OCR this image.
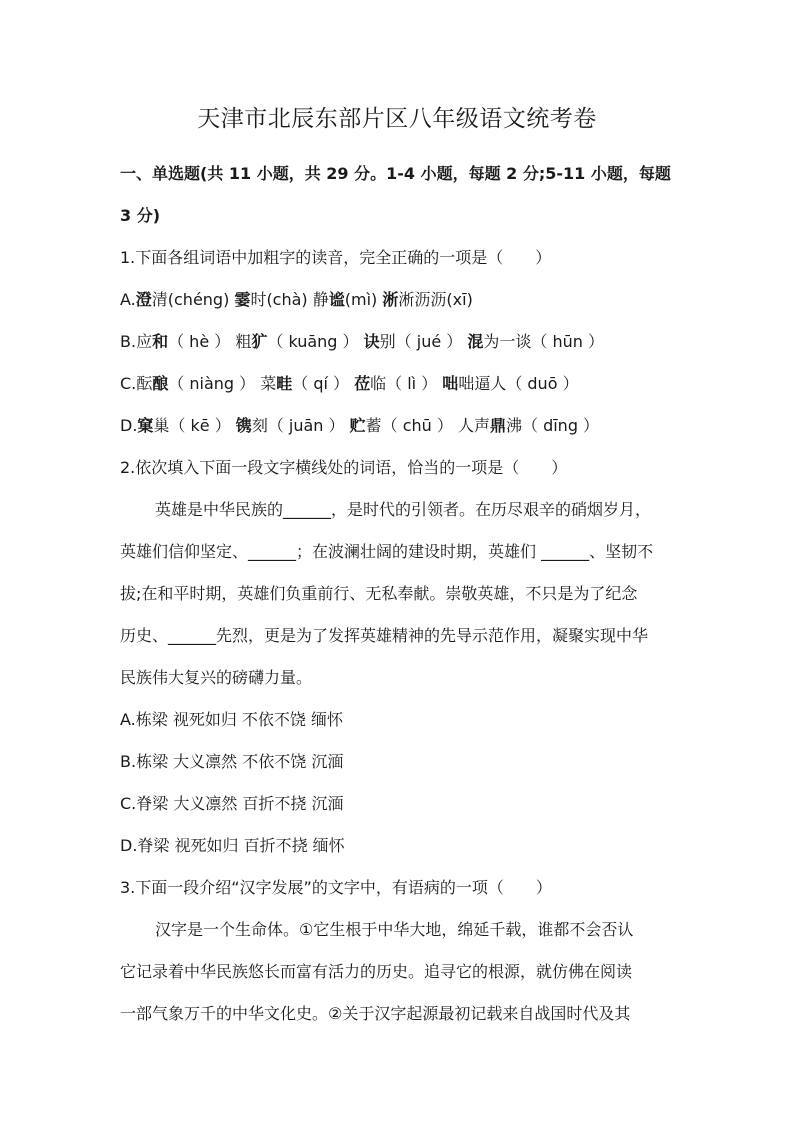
天津市北辰东部片区八年级语文统考卷

一、单选题(共 11 小题，共 29 分。1-4 小题，每题 2 分;5-11 小题，每题

3 分)

1.下面各组词语中加粗字的读音，完全正确的一项是（　　）

A.澄清(chéng) 霎时(chà) 静谧(mì) 淅淅沥沥(xī)

B.应和（ hè ） 粗犷（ kuāng ） 诀别（ jué ） 混为一谈（ hūn ）

C.酝酿（ niàng ） 菜畦（ qí ） 莅临（ lì ） 咄咄逼人（ duō ）

D.窠巢（ kē ） 镌刻（ juān ） 贮蓄（ chū ） 人声鼎沸（ dīng ）

2.依次填入下面一段文字横线处的词语，恰当的一项是（　　）

英雄是中华民族的______，是时代的引领者。在历尽艰辛的硝烟岁月，

英雄们信仰坚定、______；在波澜壮阔的建设时期，英雄们 ______、坚韧不

拔;在和平时期，英雄们负重前行、无私奉献。崇敬英雄，不只是为了纪念

历史、______先烈，更是为了发挥英雄精神的先导示范作用，凝聚实现中华

民族伟大复兴的磅礴力量。

A.栋梁 视死如归 不依不饶 缅怀

B.栋梁 大义凛然 不依不饶 沉湎

C.脊梁 大义凛然 百折不挠 沉湎

D.脊梁 视死如归 百折不挠 缅怀

3.下面一段介绍“汉字发展”的文字中，有语病的一项（　　）

汉字是一个生命体。①它生根于中华大地，绵延千载，谁都不会否认

它记录着中华民族悠长而富有活力的历史。追寻它的根源，就仿佛在阅读

一部气象万千的中华文化史。②关于汉字起源最初记载来自战国时代及其
